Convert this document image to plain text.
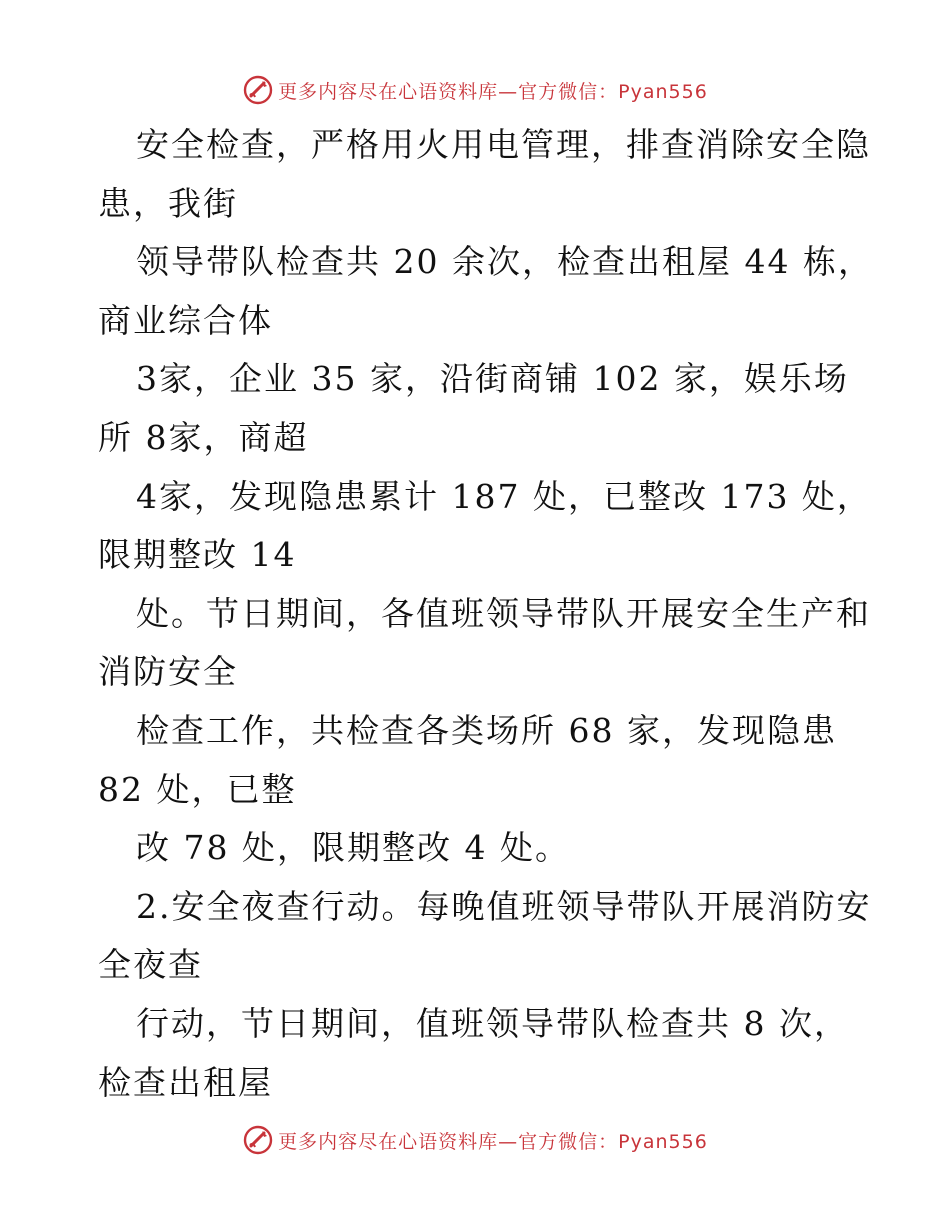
更多内容尽在心语资料库—官方微信：Pyan556
安全检查，严格用火用电管理，排查消除安全隐
患，我街
领导带队检查共 20 余次，检查出租屋 44 栋，
商业综合体
3家，企业 35 家，沿街商铺 102 家，娱乐场
所 8家，商超
4家，发现隐患累计 187 处，已整改 173 处，
限期整改 14
处。节日期间，各值班领导带队开展安全生产和
消防安全
检查工作，共检查各类场所 68 家，发现隐患
82 处，已整
改 78 处，限期整改 4 处。
2.安全夜查行动。每晚值班领导带队开展消防安
全夜查
行动，节日期间，值班领导带队检查共 8 次，
检查出租屋
更多内容尽在心语资料库—官方微信：Pyan556
